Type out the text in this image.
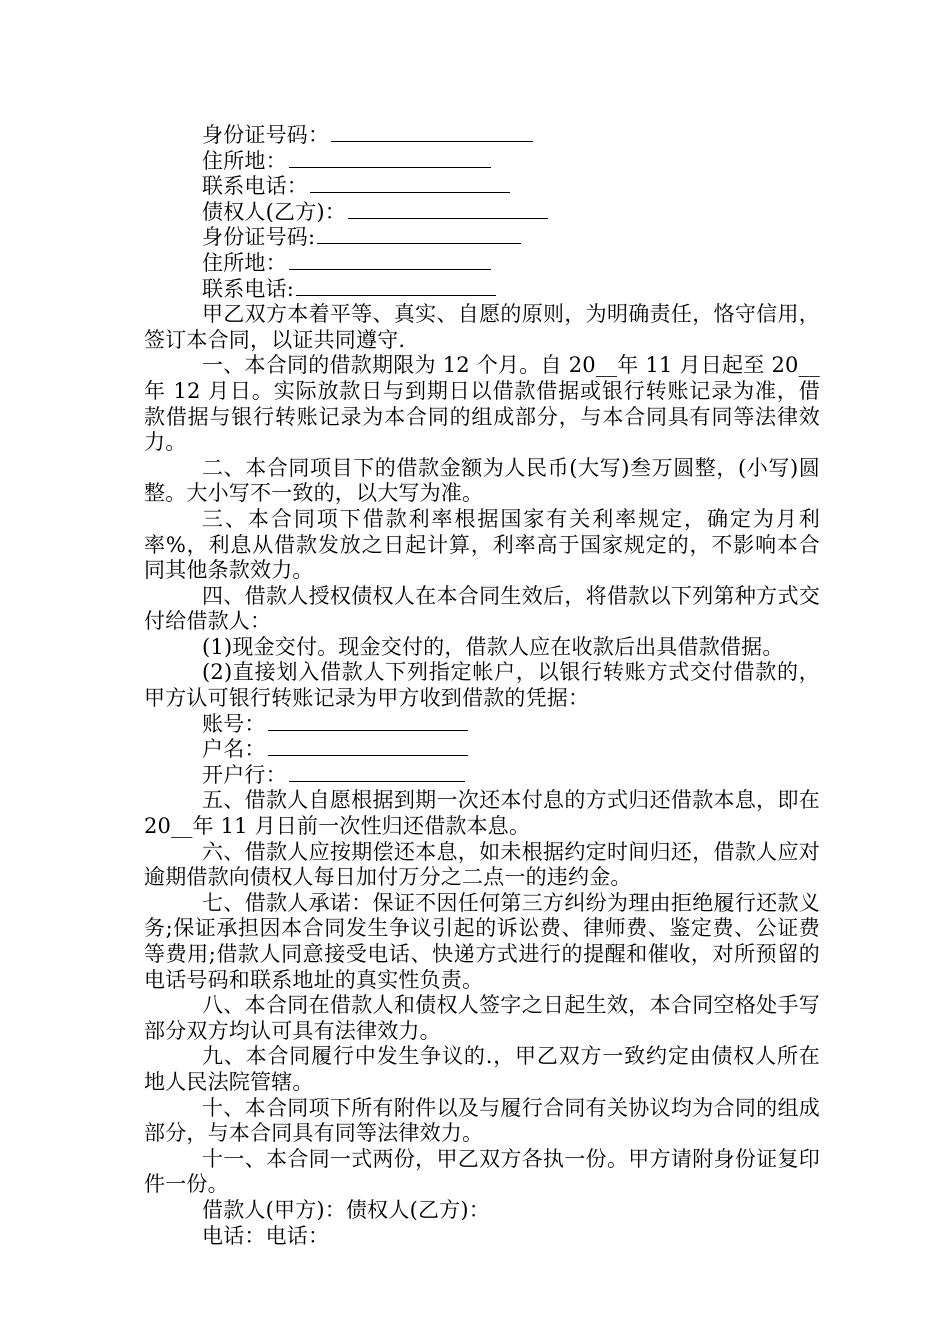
身份证号码：
住所地：
联系电话：
债权人(乙方)：
身份证号码:
住所地：
联系电话:
甲乙双方本着平等、真实、自愿的原则，为明确责任，恪守信用，签订本合同，以证共同遵守.
一、本合同的借款期限为 12 个月。自 20__年 11 月日起至 20__年 12 月日。实际放款日与到期日以借款借据或银行转账记录为准，借款借据与银行转账记录为本合同的组成部分，与本合同具有同等法律效力。
二、本合同项目下的借款金额为人民币(大写)叁万圆整，(小写)圆整。大小写不一致的，以大写为准。
三、本合同项下借款利率根据国家有关利率规定，确定为月利率%，利息从借款发放之日起计算，利率高于国家规定的，不影响本合同其他条款效力。
四、借款人授权债权人在本合同生效后，将借款以下列第种方式交付给借款人：
(1)现金交付。现金交付的，借款人应在收款后出具借款借据。
(2)直接划入借款人下列指定帐户，以银行转账方式交付借款的，甲方认可银行转账记录为甲方收到借款的凭据：
账号：
户名：
开户行：
五、借款人自愿根据到期一次还本付息的方式归还借款本息，即在 20__年 11 月日前一次性归还借款本息。
六、借款人应按期偿还本息，如未根据约定时间归还，借款人应对逾期借款向债权人每日加付万分之二点一的违约金。
七、借款人承诺：保证不因任何第三方纠纷为理由拒绝履行还款义务;保证承担因本合同发生争议引起的诉讼费、律师费、鉴定费、公证费等费用;借款人同意接受电话、快递方式进行的提醒和催收，对所预留的电话号码和联系地址的真实性负责。
八、本合同在借款人和债权人签字之日起生效，本合同空格处手写部分双方均认可具有法律效力。
九、本合同履行中发生争议的.，甲乙双方一致约定由债权人所在地人民法院管辖。
十、本合同项下所有附件以及与履行合同有关协议均为合同的组成部分，与本合同具有同等法律效力。
十一、本合同一式两份，甲乙双方各执一份。甲方请附身份证复印件一份。
借款人(甲方)：债权人(乙方)：
电话：电话：
